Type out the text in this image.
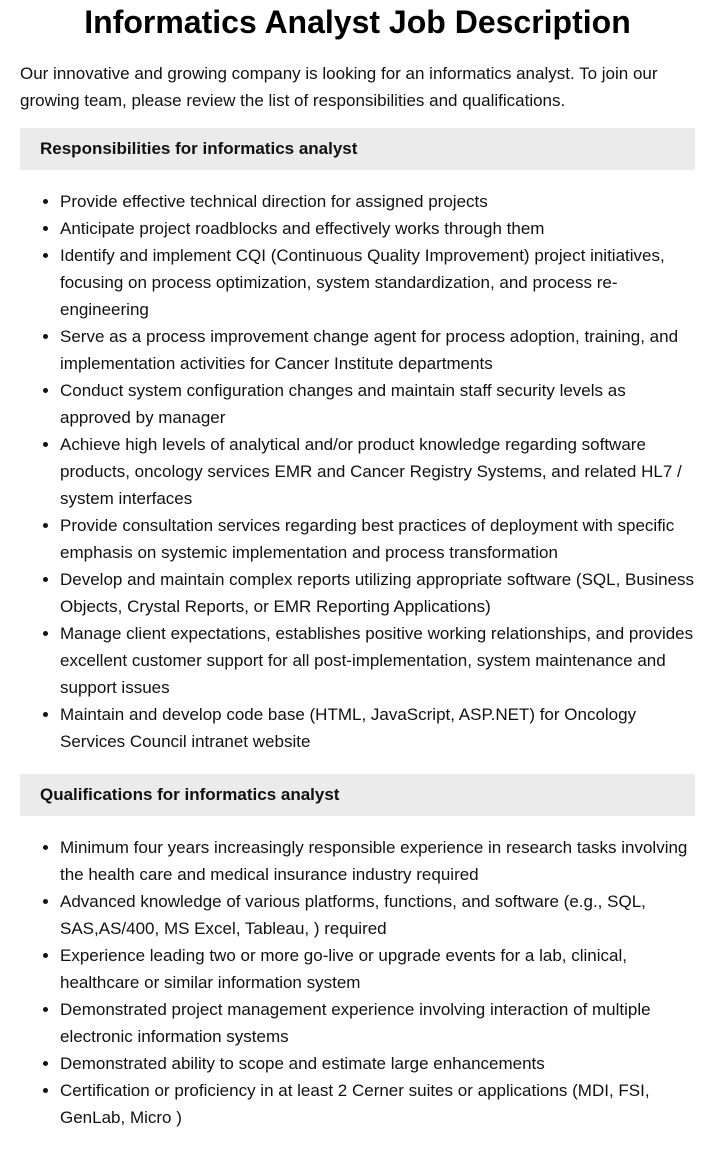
Informatics Analyst Job Description

Our innovative and growing company is looking for an informatics analyst. To join our growing team, please review the list of responsibilities and qualifications.

Responsibilities for informatics analyst
• Provide effective technical direction for assigned projects
• Anticipate project roadblocks and effectively works through them
• Identify and implement CQI (Continuous Quality Improvement) project initiatives, focusing on process optimization, system standardization, and process re-engineering
• Serve as a process improvement change agent for process adoption, training, and implementation activities for Cancer Institute departments
• Conduct system configuration changes and maintain staff security levels as approved by manager
• Achieve high levels of analytical and/or product knowledge regarding software products, oncology services EMR and Cancer Registry Systems, and related HL7 / system interfaces
• Provide consultation services regarding best practices of deployment with specific emphasis on systemic implementation and process transformation
• Develop and maintain complex reports utilizing appropriate software (SQL, Business Objects, Crystal Reports, or EMR Reporting Applications)
• Manage client expectations, establishes positive working relationships, and provides excellent customer support for all post-implementation, system maintenance and support issues
• Maintain and develop code base (HTML, JavaScript, ASP.NET) for Oncology Services Council intranet website
Qualifications for informatics analyst
• Minimum four years increasingly responsible experience in research tasks involving the health care and medical insurance industry required
• Advanced knowledge of various platforms, functions, and software (e.g., SQL, SAS,AS/400, MS Excel, Tableau, ) required
• Experience leading two or more go-live or upgrade events for a lab, clinical, healthcare or similar information system
• Demonstrated project management experience involving interaction of multiple electronic information systems
• Demonstrated ability to scope and estimate large enhancements
• Certification or proficiency in at least 2 Cerner suites or applications (MDI, FSI, GenLab, Micro )
